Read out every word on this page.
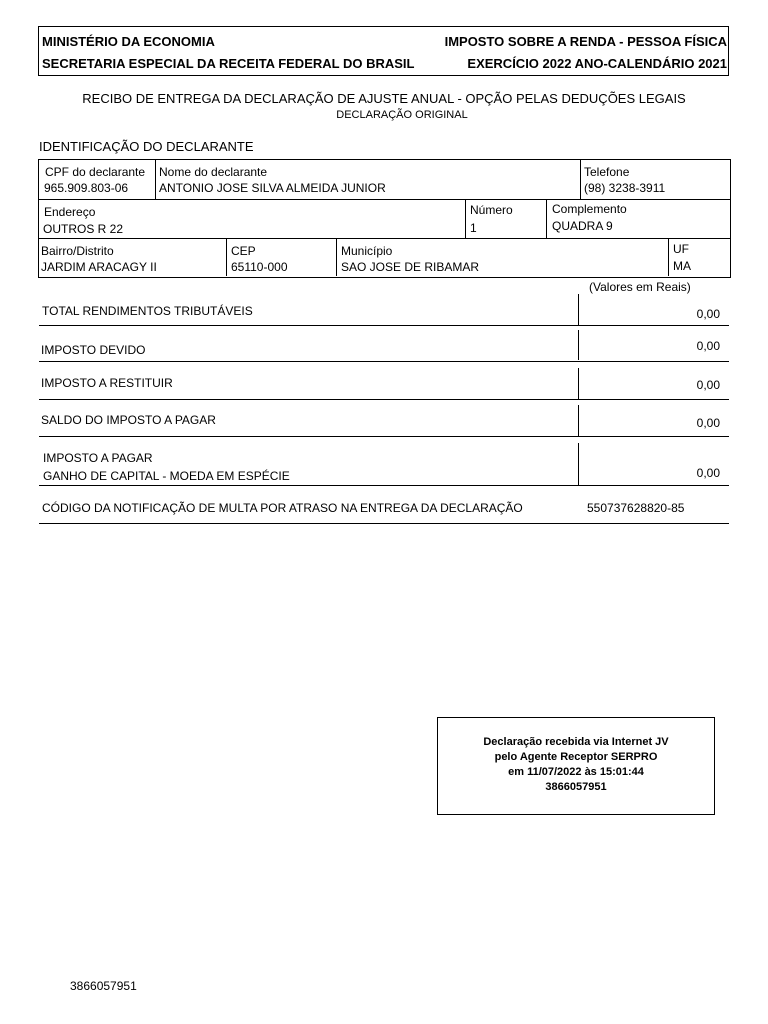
MINISTÉRIO DA ECONOMIA
SECRETARIA ESPECIAL DA RECEITA FEDERAL DO BRASIL
IMPOSTO SOBRE A RENDA - PESSOA FÍSICA
EXERCÍCIO 2022 ANO-CALENDÁRIO 2021
RECIBO DE ENTREGA DA DECLARAÇÃO DE AJUSTE ANUAL - OPÇÃO PELAS DEDUÇÕES LEGAIS
DECLARAÇÃO ORIGINAL
IDENTIFICAÇÃO DO DECLARANTE
CPF do declarante
965.909.803-06
Nome do declarante
ANTONIO JOSE SILVA ALMEIDA JUNIOR
Telefone
(98) 3238-3911
Endereço
OUTROS R 22
Número
1
Complemento
QUADRA 9
Bairro/Distrito
JARDIM ARACAGY II
CEP
65110-000
Município
SAO JOSE DE RIBAMAR
UF
MA
(Valores em Reais)
TOTAL RENDIMENTOS TRIBUTÁVEIS	0,00
IMPOSTO DEVIDO	0,00
IMPOSTO A RESTITUIR	0,00
SALDO DO IMPOSTO A PAGAR	0,00
IMPOSTO A PAGAR
GANHO DE CAPITAL - MOEDA EM ESPÉCIE	0,00
CÓDIGO DA NOTIFICAÇÃO DE MULTA POR ATRASO NA ENTREGA DA DECLARAÇÃO	550737628820-85
Declaração recebida via Internet JV
pelo Agente Receptor SERPRO
em 11/07/2022 às 15:01:44
3866057951
3866057951
